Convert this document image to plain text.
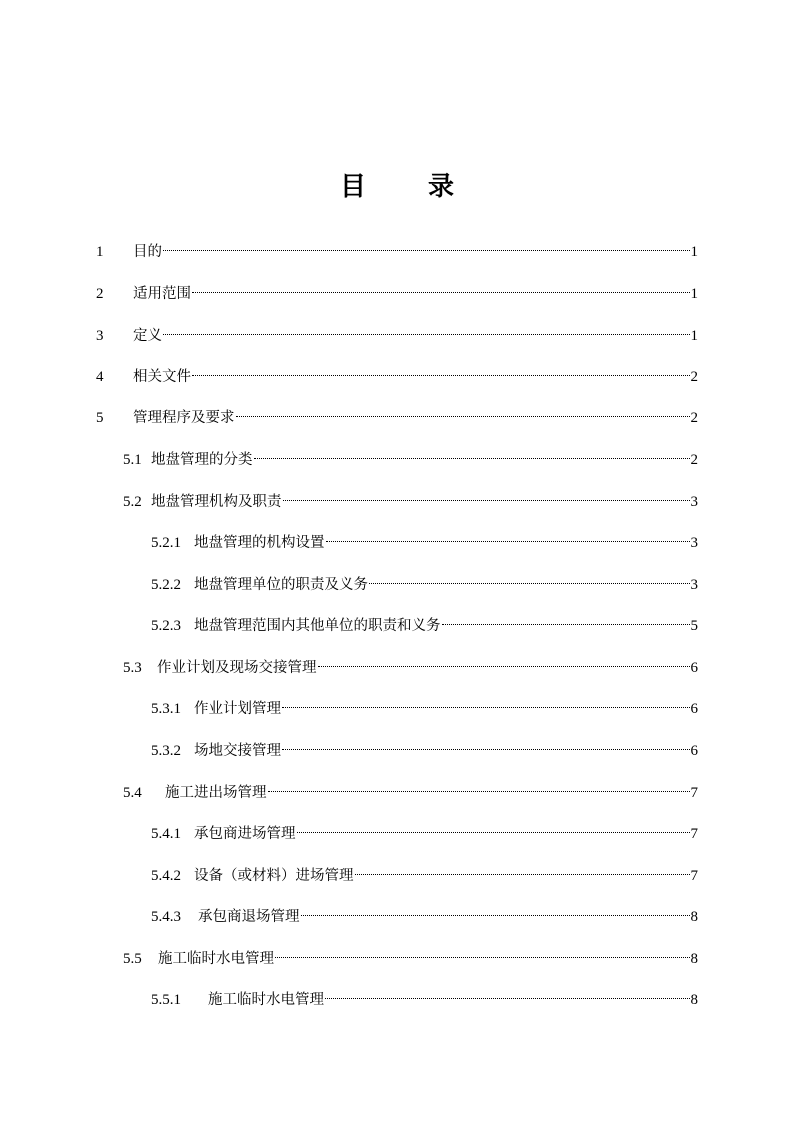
目 录
1	目的	1
2	适用范围	1
3	定义	1
4	相关文件	2
5	管理程序及要求	2
5.1 地盘管理的分类	2
5.2 地盘管理机构及职责	3
5.2.1 地盘管理的机构设置	3
5.2.2 地盘管理单位的职责及义务	3
5.2.3 地盘管理范围内其他单位的职责和义务	5
5.3	作业计划及现场交接管理	6
5.3.1 作业计划管理	6
5.3.2 场地交接管理	6
5.4	施工进出场管理	7
5.4.1 承包商进场管理	7
5.4.2 设备（或材料）进场管理	7
5.4.3	承包商退场管理	8
5.5	施工临时水电管理	8
5.5.1	施工临时水电管理	8
